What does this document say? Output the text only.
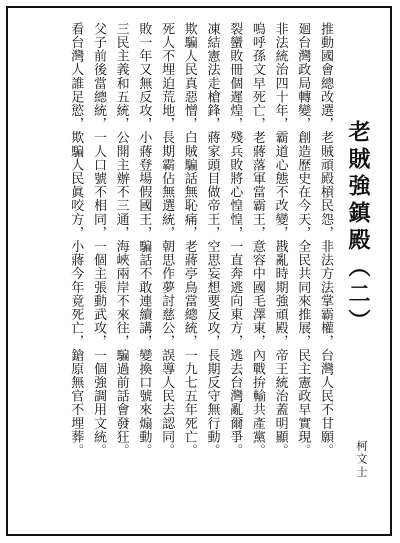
老賊強鎮殿（二）
柯文士
推動國會總改選，老賊頑殿槓民怨，非法方法掌霸權，台灣人民不甘願。
廻台灣政局轉變，創造歷史在今天，全民共同來推展，民主憲政早實現。
非法統治四十年，霸道心態不改變，戡亂時期強頑殿，帝王統治蓋明顯。
嗚呼孫文早死亡，老蔣落軍當霸王，意容中國毛澤東，內戰拚輸共產黨。
裂蠻敗冊個遲煌，殘兵敗將心惶惶，一直奔逃向東方，逃去台灣亂爾爭。
凍結憲法走槍鋒，蔣家頭目做帝王，空思妄想要反攻，長期反守無行動。
欺騙人民真惡憎，白賊騙話無恥痛，老蔣亭鳥當總統，一九七五年死亡。
死人不埋迫荒地，長期霸佔無選統，朝思作夢討慈公，誤導人民去認同。
敗一年又無反攻，小蔣登場假國王，騙話不敢連續講，變換口號來煽動。
三民主義和五統，公開主辦不三通，海峽兩岸不來往，騙過前話會發狂。
父子前後當總統，一人口號不相同，一個主張動武攻，一個強調用文統。
看台灣人誰足慾，欺騙人民眞咬方，小蔣今年竟死亡，鎗原無官不埋葬。
